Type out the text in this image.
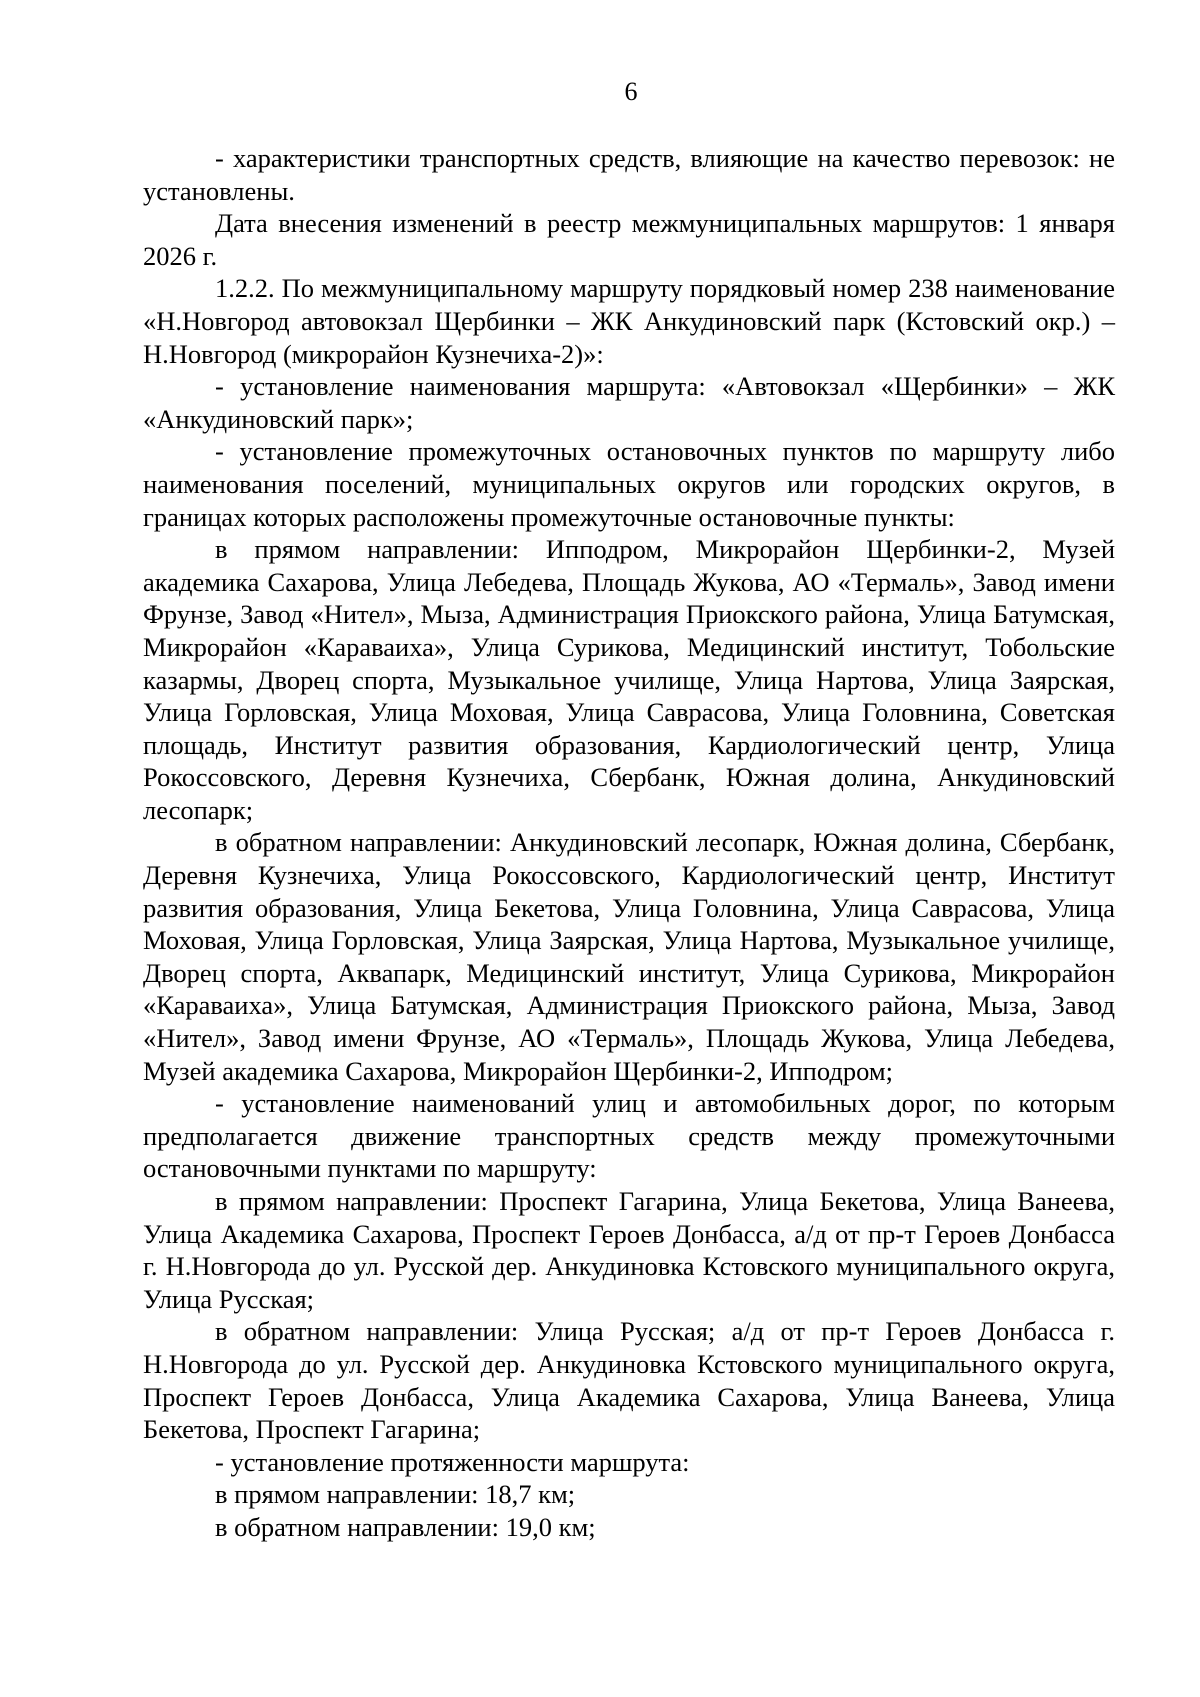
6

- характеристики транспортных средств, влияющие на качество перевозок: не установлены.

Дата внесения изменений в реестр межмуниципальных маршрутов: 1 января 2026 г.

1.2.2. По межмуниципальному маршруту порядковый номер 238 наименование «Н.Новгород автовокзал Щербинки – ЖК Анкудиновский парк (Кстовский окр.) – Н.Новгород (микрорайон Кузнечиха-2)»:

- установление наименования маршрута: «Автовокзал «Щербинки» – ЖК «Анкудиновский парк»;

- установление промежуточных остановочных пунктов по маршруту либо наименования поселений, муниципальных округов или городских округов, в границах которых расположены промежуточные остановочные пункты:

в прямом направлении: Ипподром, Микрорайон Щербинки-2, Музей академика Сахарова, Улица Лебедева, Площадь Жукова, АО «Термаль», Завод имени Фрунзе, Завод «Нител», Мыза, Администрация Приокского района, Улица Батумская, Микрорайон «Караваиха», Улица Сурикова, Медицинский институт, Тобольские казармы, Дворец спорта, Музыкальное училище, Улица Нартова, Улица Заярская, Улица Горловская, Улица Моховая, Улица Саврасова, Улица Головнина, Советская площадь, Институт развития образования, Кардиологический центр, Улица Рокоссовского, Деревня Кузнечиха, Сбербанк, Южная долина, Анкудиновский лесопарк;

в обратном направлении: Анкудиновский лесопарк, Южная долина, Сбербанк, Деревня Кузнечиха, Улица Рокоссовского, Кардиологический центр, Институт развития образования, Улица Бекетова, Улица Головнина, Улица Саврасова, Улица Моховая, Улица Горловская, Улица Заярская, Улица Нартова, Музыкальное училище, Дворец спорта, Аквапарк, Медицинский институт, Улица Сурикова, Микрорайон «Караваиха», Улица Батумская, Администрация Приокского района, Мыза, Завод «Нител», Завод имени Фрунзе, АО «Термаль», Площадь Жукова, Улица Лебедева, Музей академика Сахарова, Микрорайон Щербинки-2, Ипподром;

- установление наименований улиц и автомобильных дорог, по которым предполагается движение транспортных средств между промежуточными остановочными пунктами по маршруту:

в прямом направлении: Проспект Гагарина, Улица Бекетова, Улица Ванеева, Улица Академика Сахарова, Проспект Героев Донбасса, а/д от пр-т Героев Донбасса г. Н.Новгорода до ул. Русской дер. Анкудиновка Кстовского муниципального округа, Улица Русская;

в обратном направлении: Улица Русская; а/д от пр-т Героев Донбасса г. Н.Новгорода до ул. Русской дер. Анкудиновка Кстовского муниципального округа, Проспект Героев Донбасса, Улица Академика Сахарова, Улица Ванеева, Улица Бекетова, Проспект Гагарина;

- установление протяженности маршрута:

в прямом направлении: 18,7 км;

в обратном направлении: 19,0 км;
